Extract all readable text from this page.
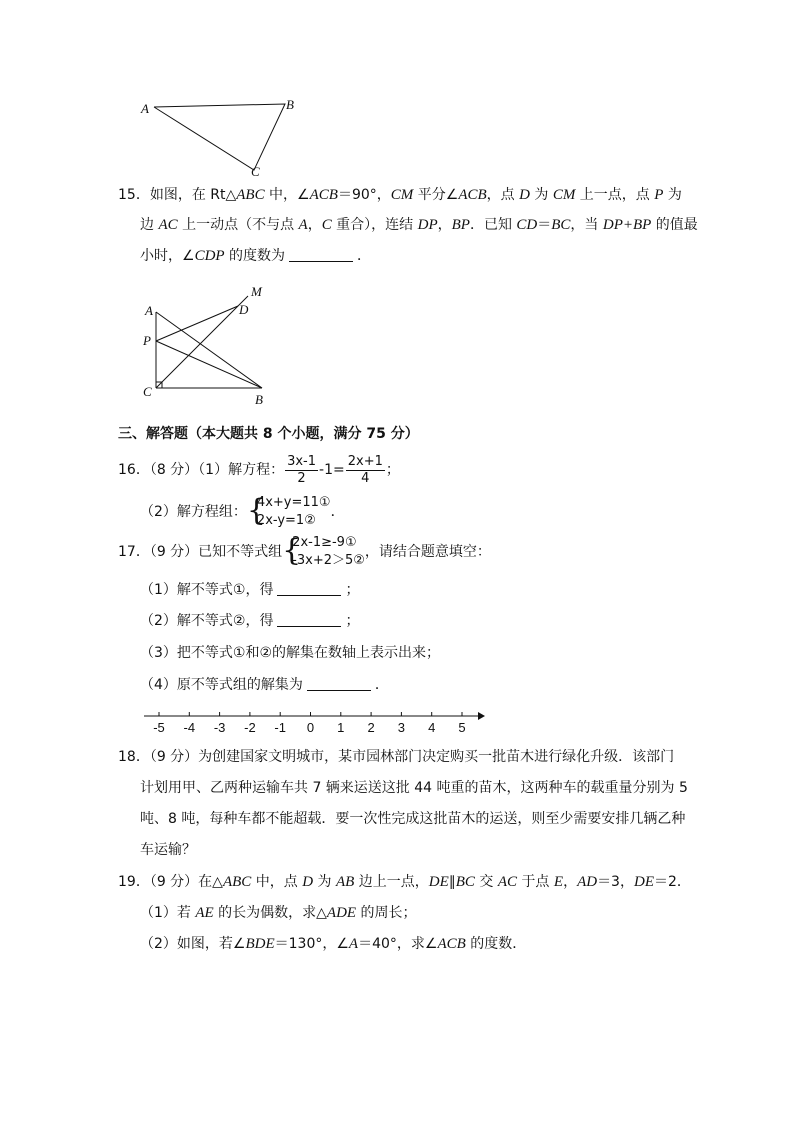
A	B
C
15．如图，在 Rt△ABC 中，∠ACB＝90°，CM 平分∠ACB，点 D 为 CM 上一点，点 P 为
边 AC 上一动点（不与点 A，C 重合），连结 DP，BP．已知 CD＝BC，当 DP+BP 的值最
小时，∠CDP 的度数为	．
A
M
D
P
C
B
三、解答题（本大题共 8 个小题，满分 75 分）
16．（8 分）（1）解方程： $\frac{3x-1}{2} -1= \frac{2x+1}{4}$ ；
（2）解方程组： {
4x+y=11①
2x-y=1②
．
17．（9 分）已知不等式组 {
2x-1≥-9①
-3x+2＞5②
，请结合题意填空：
（1）解不等式①，得	；
（2）解不等式②，得	；
（3）把不等式①和②的解集在数轴上表示出来；
（4）原不等式组的解集为	．
-5 -4 -3 -2 -1 0 1 2 3 4 5
18．（9 分）为创建国家文明城市，某市园林部门决定购买一批苗木进行绿化升级．该部门
计划用甲、乙两种运输车共 7 辆来运送这批 44 吨重的苗木，这两种车的载重量分别为 5
吨、8 吨，每种车都不能超载．要一次性完成这批苗木的运送，则至少需要安排几辆乙种
车运输？
19．（9 分）在△ABC 中，点 D 为 AB 边上一点，DE∥BC 交 AC 于点 E，AD＝3，DE＝2．
（1）若 AE 的长为偶数，求△ADE 的周长；
（2）如图，若∠BDE＝130°，∠A＝40°，求∠ACB 的度数．
